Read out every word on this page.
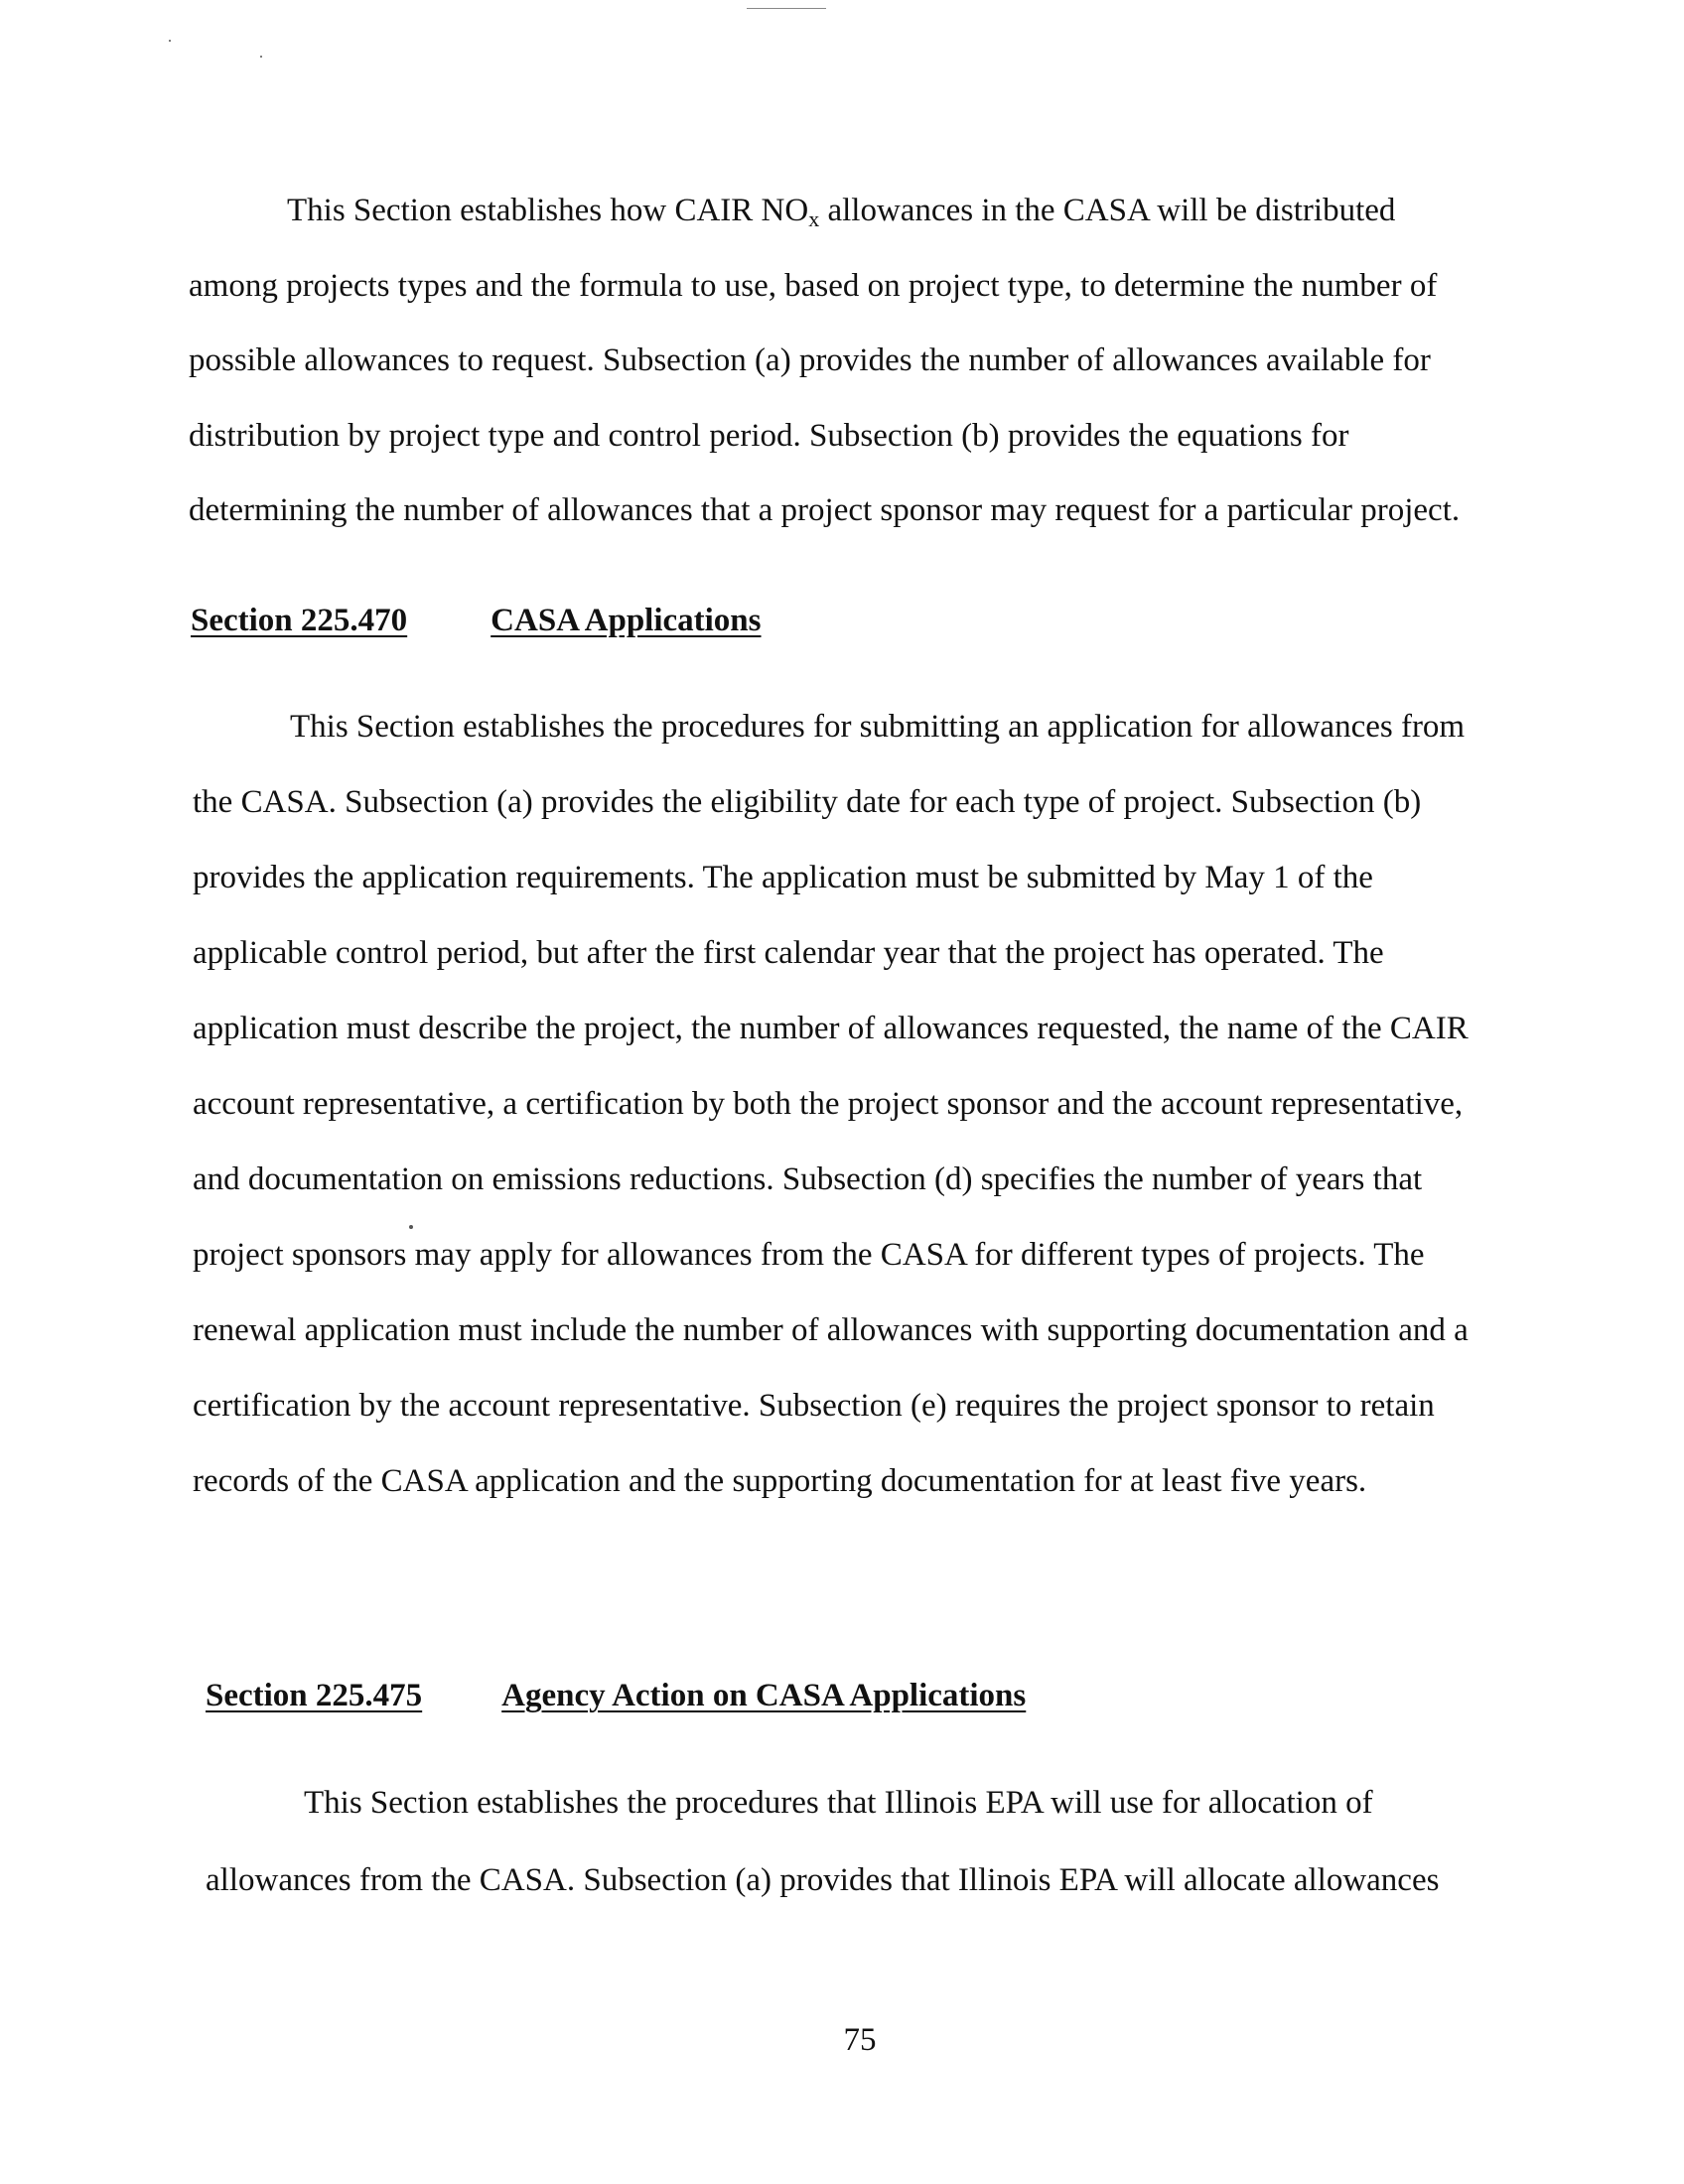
This Section establishes how CAIR $NO_x$ allowances in the CASA will be distributed
among projects types and the formula to use, based on project type, to determine the number of
possible allowances to request. Subsection (a) provides the number of allowances available for
distribution by project type and control period. Subsection (b) provides the equations for
determining the number of allowances that a project sponsor may request for a particular project.
Section 225.470	CASA Applications
This Section establishes the procedures for submitting an application for allowances from
the CASA. Subsection (a) provides the eligibility date for each type of project. Subsection (b)
provides the application requirements. The application must be submitted by May 1 of the
applicable control period, but after the first calendar year that the project has operated. The
application must describe the project, the number of allowances requested, the name of the CAIR
account representative, a certification by both the project sponsor and the account representative,
and documentation on emissions reductions. Subsection (d) specifies the number of years that
project sponsors may apply for allowances from the CASA for different types of projects. The
renewal application must include the number of allowances with supporting documentation and a
certification by the account representative. Subsection (e) requires the project sponsor to retain
records of the CASA application and the supporting documentation for at least five years.
Section 225.475 Agency Action on CASA Applications
This Section establishes the procedures that Illinois EPA will use for allocation of
allowances from the CASA. Subsection (a) provides that Illinois EPA will allocate allowances
75
